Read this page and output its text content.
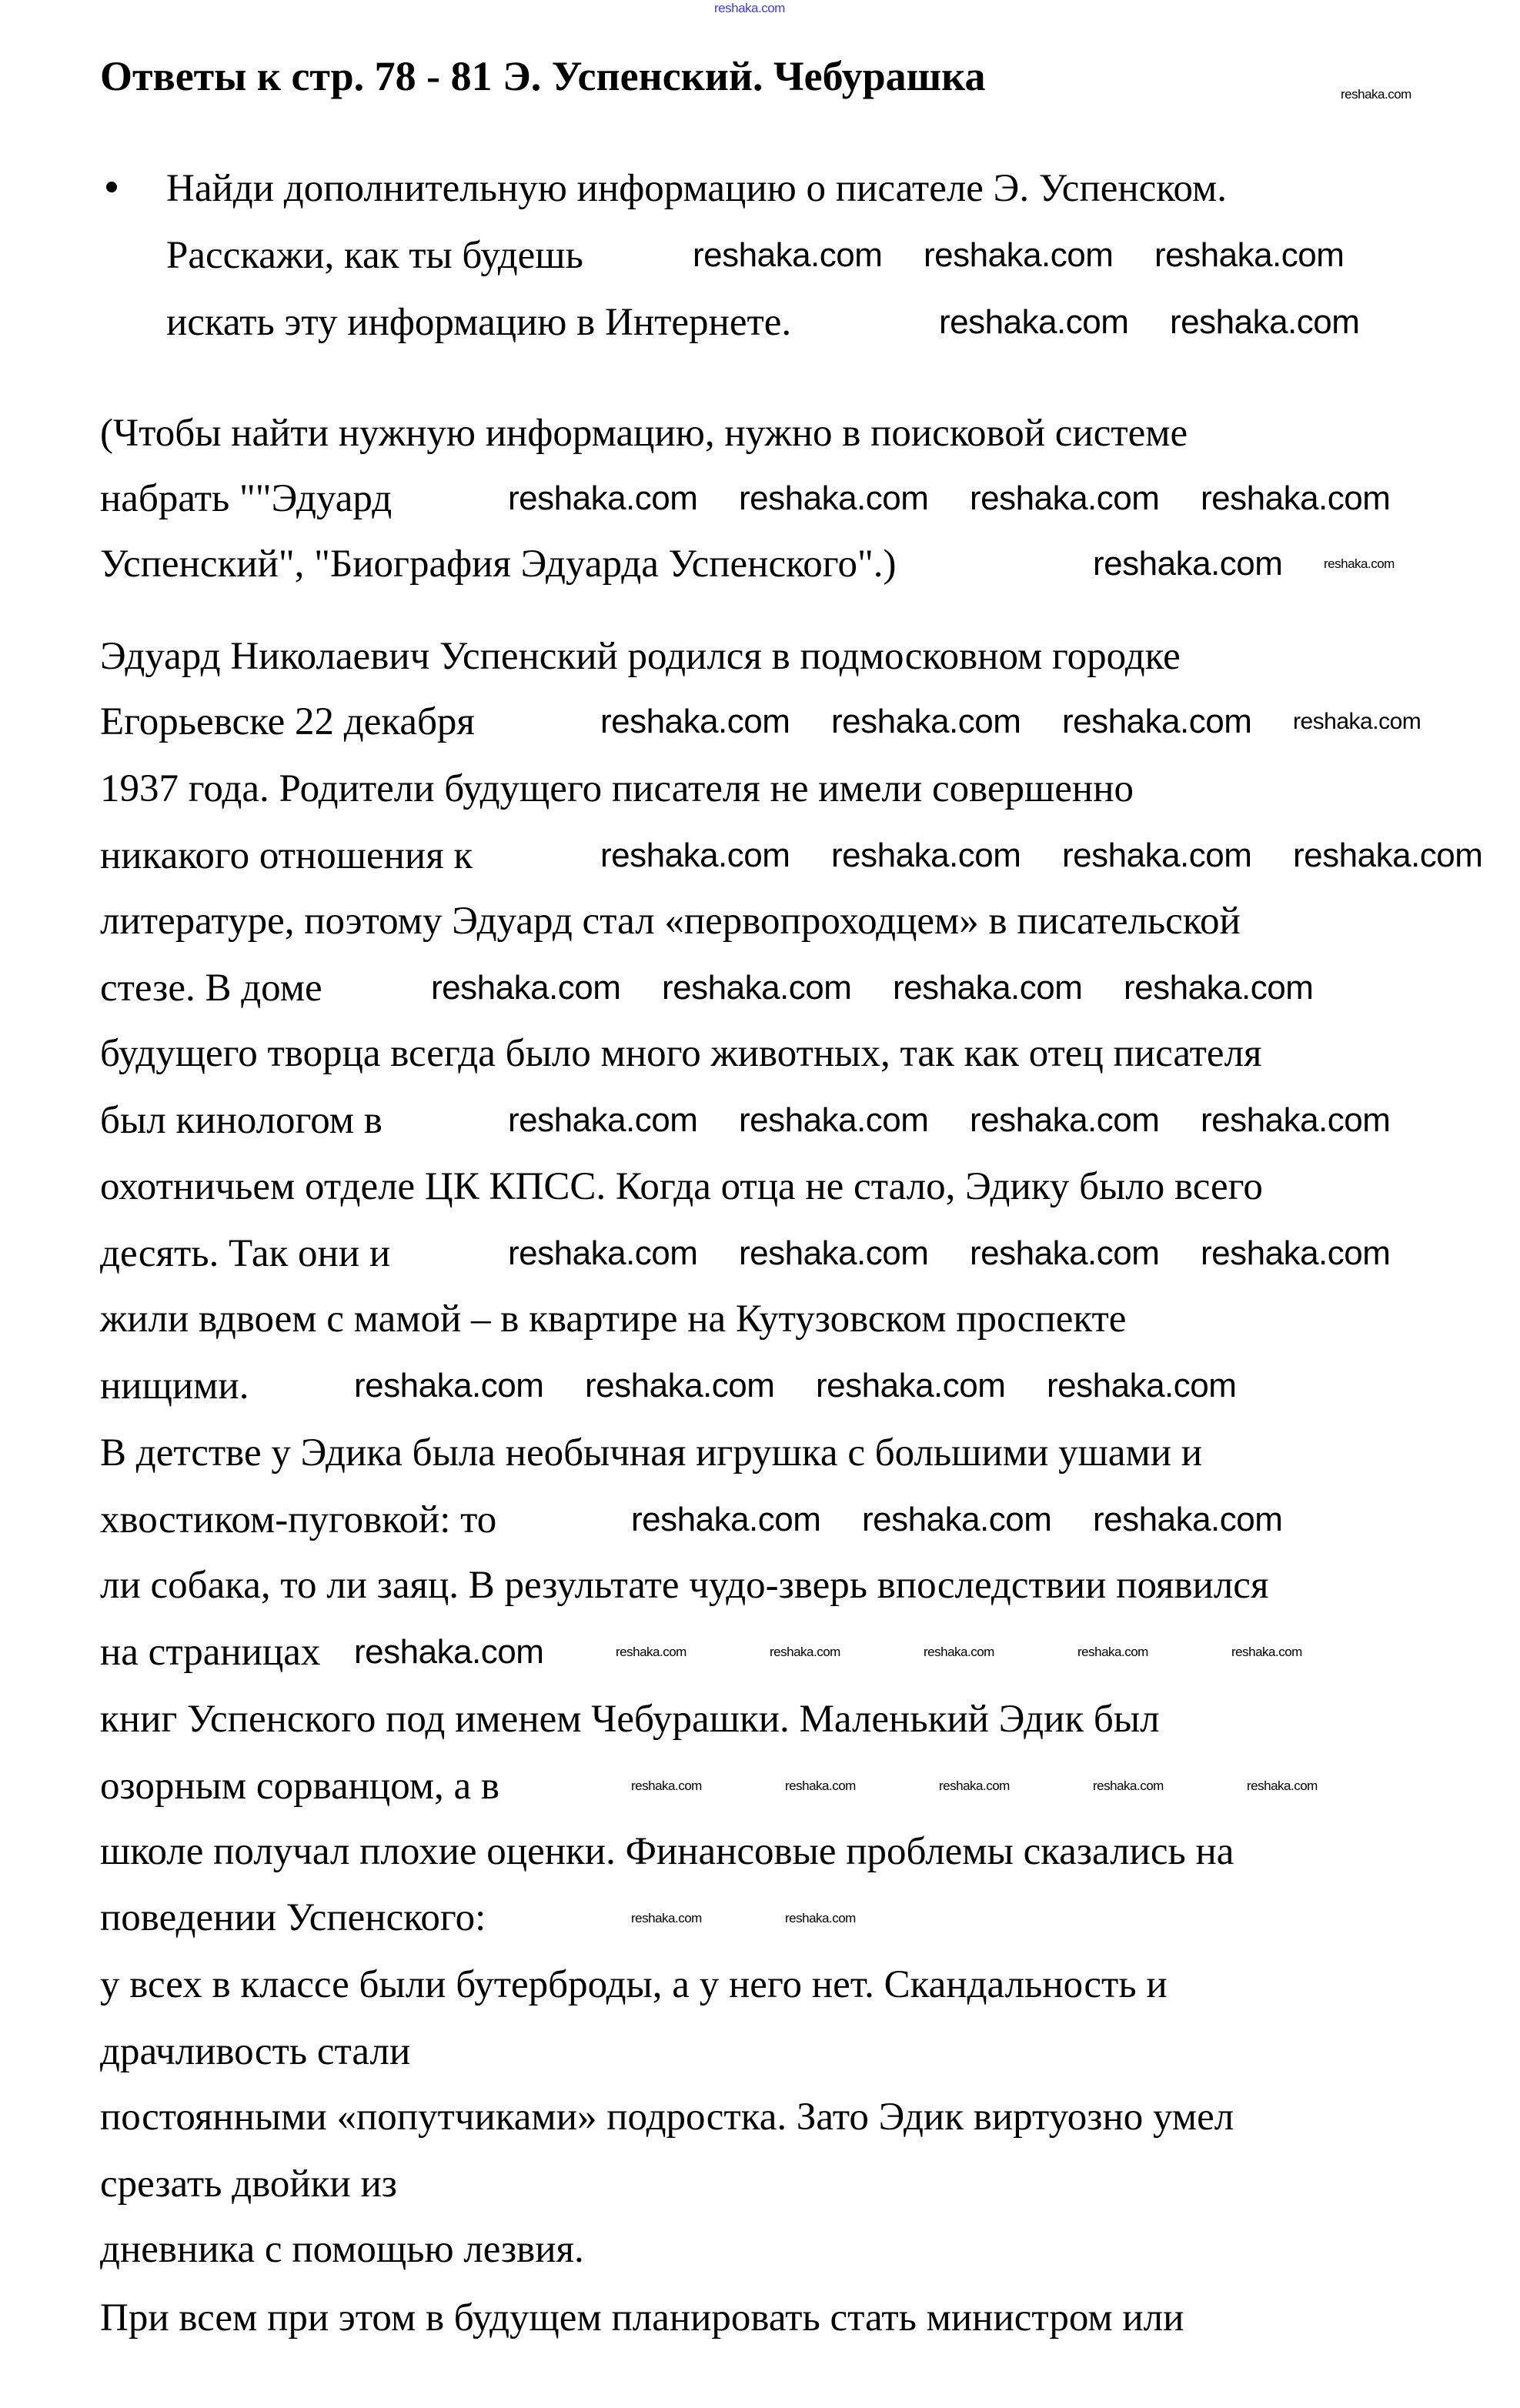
Ответы к стр. 78 - 81 Э. Успенский. Чебурашка
Найди дополнительную информацию о писателе Э. Успенском.
Расскажи, как ты будешь
искать эту информацию в Интернете.
(Чтобы найти нужную информацию, нужно в поисковой системе
набрать ""Эдуард
Успенский", "Биография Эдуарда Успенского".)
Эдуард Николаевич Успенский родился в подмосковном городке
Егорьевске 22 декабря
1937 года. Родители будущего писателя не имели совершенно
никакого отношения к
литературе, поэтому Эдуард стал «первопроходцем» в писательской
стезе. В доме
будущего творца всегда было много животных, так как отец писателя
был кинологом в
охотничьем отделе ЦК КПСС. Когда отца не стало, Эдику было всего
десять. Так они и
жили вдвоем с мамой – в квартире на Кутузовском проспекте
нищими.
В детстве у Эдика была необычная игрушка с большими ушами и
хвостиком-пуговкой: то
ли собака, то ли заяц. В результате чудо-зверь впоследствии появился
на страницах
книг Успенского под именем Чебурашки. Маленький Эдик был
озорным сорванцом, а в
школе получал плохие оценки. Финансовые проблемы сказались на
поведении Успенского:
у всех в классе были бутерброды, а у него нет. Скандальность и
драчливость стали
постоянными «попутчиками» подростка. Зато Эдик виртуозно умел
срезать двойки из
дневника с помощью лезвия.
При всем при этом в будущем планировать стать министром или
reshaka.com
reshaka.com
reshaka.com reshaka.com reshaka.com
reshaka.com reshaka.com
reshaka.com reshaka.com reshaka.com reshaka.com
reshaka.com	reshaka.com
reshaka.com reshaka.com reshaka.com reshaka.com
reshaka.com reshaka.com reshaka.com reshaka.com
reshaka.com reshaka.com reshaka.com reshaka.com
reshaka.com reshaka.com reshaka.com reshaka.com
reshaka.com reshaka.com reshaka.com reshaka.com
reshaka.com reshaka.com reshaka.com reshaka.com
reshaka.com reshaka.com reshaka.com
reshaka.com	reshaka.com	reshaka.com	reshaka.com	reshaka.com	reshaka.com
reshaka.com	reshaka.com	reshaka.com	reshaka.com	reshaka.com
reshaka.com	reshaka.com
